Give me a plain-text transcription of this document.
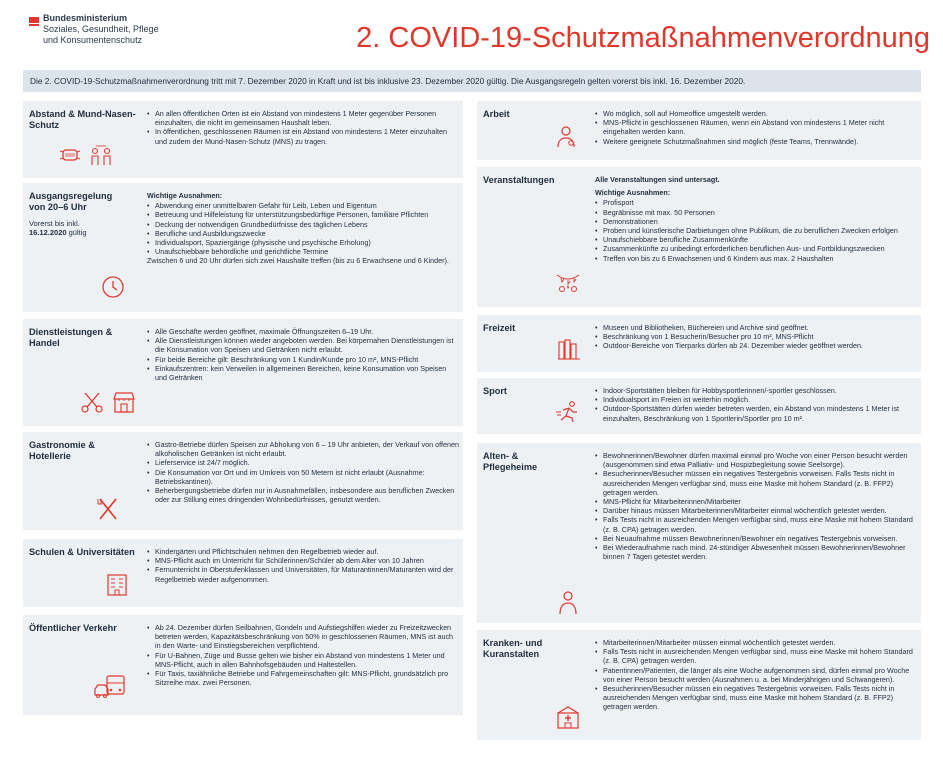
Bundesministerium
Soziales, Gesundheit, Pflege
und Konsumentenschutz	2. COVID-19-Schutzmaßnahmenverordnung
Die 2. COVID-19-Schutzmaßnahmenverordnung tritt mit 7. Dezember 2020 in Kraft und ist bis inklusive 23. Dezember 2020 gültig. Die Ausgangsregeln gelten vorerst bis inkl. 16. Dezember 2020.
Abstand & Mund-Nasen-Schutz
• An allen öffentlichen Orten ist ein Abstand von mindestens 1 Meter gegenüber Personen einzuhalten, die nicht im gemeinsamen Haushalt leben.
• In öffentlichen, geschlossenen Räumen ist ein Abstand von mindestens 1 Meter einzuhalten und zudem der Mund-Nasen-Schutz (MNS) zu tragen.
Ausgangsregelung von 20–6 Uhr
Vorerst bis inkl.
16.12.2020 gültig
Wichtige Ausnahmen:
• Abwendung einer unmittelbaren Gefahr für Leib, Leben und Eigentum
• Betreuung und Hilfeleistung für unterstützungsbedürftige Personen, familiäre Pflichten
• Deckung der notwendigen Grundbedürfnisse des täglichen Lebens
• Berufliche und Ausbildungszwecke
• Individualsport, Spaziergänge (physische und psychische Erholung)
• Unaufschiebbare behördliche und gerichtliche Termine

Zwischen 6 und 20 Uhr dürfen sich zwei Haushalte treffen (bis zu 6 Erwachsene und 6 Kinder).

Dienstleistungen & Handel
• Alle Geschäfte werden geöffnet, maximale Öffnungszeiten 6–19 Uhr.
• Alle Dienstleistungen können wieder angeboten werden. Bei körpernahen Dienstleistungen ist die Konsumation von Speisen und Getränken nicht erlaubt.
• Für beide Bereiche gilt: Beschränkung von 1 Kundin/Kunde pro 10 m², MNS-Pflicht
• Einkaufszentren: kein Verweilen in allgemeinen Bereichen, keine Konsumation von Speisen und Getränken
Gastronomie & Hotellerie
• Gastro-Betriebe dürfen Speisen zur Abholung von 6 – 19 Uhr anbieten, der Verkauf von offenen alkoholischen Getränken ist nicht erlaubt.
• Lieferservice ist 24/7 möglich.
• Die Konsumation vor Ort und im Umkreis von 50 Metern ist nicht erlaubt (Ausnahme: Betriebskantinen).
• Beherbergungsbetriebe dürfen nur in Ausnahmefällen, insbesondere aus beruflichen Zwecken oder zur Stillung eines dringenden Wohnbedürfnisses, genutzt werden.
Schulen & Universitäten	• Kindergärten und Pflichtschulen nehmen den Regelbetrieb wieder auf.
• MNS-Pflicht auch im Unterricht für Schülerinnen/Schüler ab dem Alter von 10 Jahren
• Fernunterricht in Oberstufenklassen und Universitäten, für Maturantinnen/Maturanten wird der Regelbetrieb wieder aufgenommen.
Öffentlicher Verkehr	• Ab 24. Dezember dürfen Seilbahnen, Gondeln und Aufstiegshilfen wieder zu Freizeitzwecken betreten werden, Kapazitätsbeschränkung von 50% in geschlossenen Räumen, MNS ist auch in den Warte- und Einstiegsbereichen verpflichtend.
• Für U-Bahnen, Züge und Busse gelten wie bisher ein Abstand von mindestens 1 Meter und MNS-Pflicht, auch in allen Bahnhofsgebäuden und Haltestellen.
• Für Taxis, taxiähnliche Betriebe und Fahrgemeinschaften gilt: MNS-Pflicht, grundsätzlich pro Sitzreihe max. zwei Personen.
Arbeit	• Wo möglich, soll auf Homeoffice umgestellt werden.
• MNS-Pflicht in geschlossenen Räumen, wenn ein Abstand von mindestens 1 Meter nicht eingehalten werden kann.
• Weitere geeignete Schutzmaßnahmen sind möglich (feste Teams, Trennwände).
Veranstaltungen	Alle Veranstaltungen sind untersagt.
Wichtige Ausnahmen:
• Profisport
• Begräbnisse mit max. 50 Personen
• Demonstrationen
• Proben und künstlerische Darbietungen ohne Publikum, die zu beruflichen Zwecken erfolgen
• Unaufschiebbare berufliche Zusammenkünfte
• Zusammenkünfte zu unbedingt erforderlichen beruflichen Aus- und Fortbildungszwecken
• Treffen von bis zu 6 Erwachsenen und 6 Kindern aus max. 2 Haushalten
Freizeit	• Museen und Bibliotheken, Büchereien und Archive sind geöffnet.
• Beschränkung von 1 Besucherin/Besucher pro 10 m², MNS-Pflicht
• Outdoor-Bereiche von Tierparks dürfen ab 24. Dezember wieder geöffnet werden.
Sport	• Indoor-Sportstätten bleiben für Hobbysportlerinnen/-sportler geschlossen.
• Individualsport im Freien ist weiterhin möglich.
• Outdoor-Sportstätten dürfen wieder betreten werden, ein Abstand von mindestens 1 Meter ist einzuhalten, Beschränkung von 1 Sportlerin/Sportler pro 10 m².
Alten- & Pflegeheime
• Bewohnerinnen/Bewohner dürfen maximal einmal pro Woche von einer Person besucht werden (ausgenommen sind etwa Palliativ- und Hospizbegleitung sowie Seelsorge).
• Besucherinnen/Besucher müssen ein negatives Testergebnis vorweisen. Falls Tests nicht in ausreichenden Mengen verfügbar sind, muss eine Maske mit hohem Standard (z. B. FFP2) getragen werden.
• MNS-Pflicht für Mitarbeiterinnen/Mitarbeiter
• Darüber hinaus müssen Mitarbeiterinnen/Mitarbeiter einmal wöchentlich getestet werden.
• Falls Tests nicht in ausreichenden Mengen verfügbar sind, muss eine Maske mit hohem Standard (z. B. CPA) getragen werden.
• Bei Neuaufnahme müssen Bewohnerinnen/Bewohner ein negatives Testergebnis vorweisen.
• Bei Wiederaufnahme nach mind. 24-stündiger Abwesenheit müssen Bewohnerinnen/Bewohner binnen 7 Tagen getestet werden.
Kranken- und Kuranstalten
• Mitarbeiterinnen/Mitarbeiter müssen einmal wöchentlich getestet werden.
• Falls Tests nicht in ausreichenden Mengen verfügbar sind, muss eine Maske mit hohem Standard (z. B. CPA) getragen werden.
• Patientinnen/Patienten, die länger als eine Woche aufgenommen sind, dürfen einmal pro Woche von einer Person besucht werden (Ausnahmen u. a. bei Minderjährigen und Schwangeren).
• Besucherinnen/Besucher müssen ein negatives Testergebnis vorweisen. Falls Tests nicht in ausreichenden Mengen verfügbar sind, muss eine Maske mit hohem Standard (z. B. FFP2) getragen werden.
